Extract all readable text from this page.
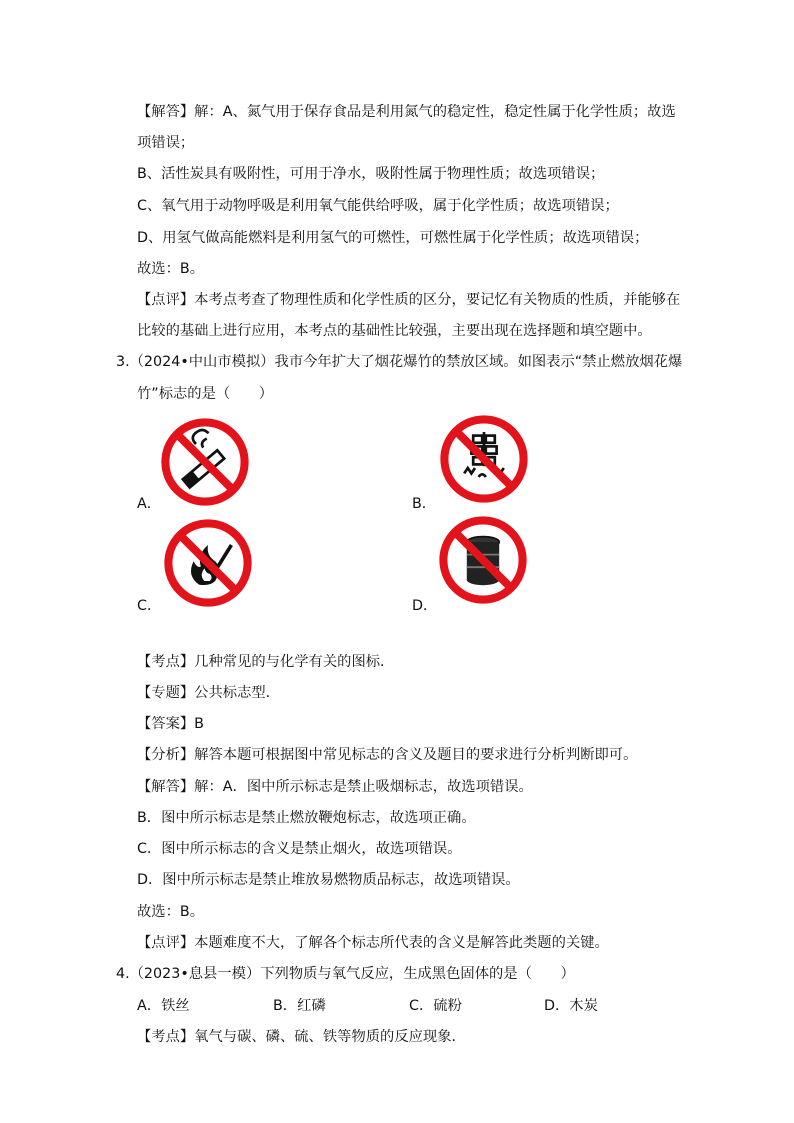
【解答】解：A、氮气用于保存食品是利用氮气的稳定性，稳定性属于化学性质；故选
项错误；
B、活性炭具有吸附性，可用于净水，吸附性属于物理性质；故选项错误；
C、氧气用于动物呼吸是利用氧气能供给呼吸，属于化学性质；故选项错误；
D、用氢气做高能燃料是利用氢气的可燃性，可燃性属于化学性质；故选项错误；
故选：B。
【点评】本考点考查了物理性质和化学性质的区分，要记忆有关物质的性质，并能够在
比较的基础上进行应用，本考点的基础性比较强，主要出现在选择题和填空题中。
3.（2024•中山市模拟）我市今年扩大了烟花爆竹的禁放区域。如图表示“禁止燃放烟花爆
竹”标志的是（　　）
A．	B．
C．	D．
【考点】几种常见的与化学有关的图标．
【专题】公共标志型．
【答案】B
【分析】解答本题可根据图中常见标志的含义及题目的要求进行分析判断即可。
【解答】解：A．图中所示标志是禁止吸烟标志，故选项错误。
B．图中所示标志是禁止燃放鞭炮标志，故选项正确。
C．图中所示标志的含义是禁止烟火，故选项错误。
D．图中所示标志是禁止堆放易燃物质品标志，故选项错误。
故选：B。
【点评】本题难度不大，了解各个标志所代表的含义是解答此类题的关键。
4.（2023•息县一模）下列物质与氧气反应，生成黑色固体的是（　　）
A．铁丝	B．红磷	C．硫粉	D．木炭
【考点】氧气与碳、磷、硫、铁等物质的反应现象．
